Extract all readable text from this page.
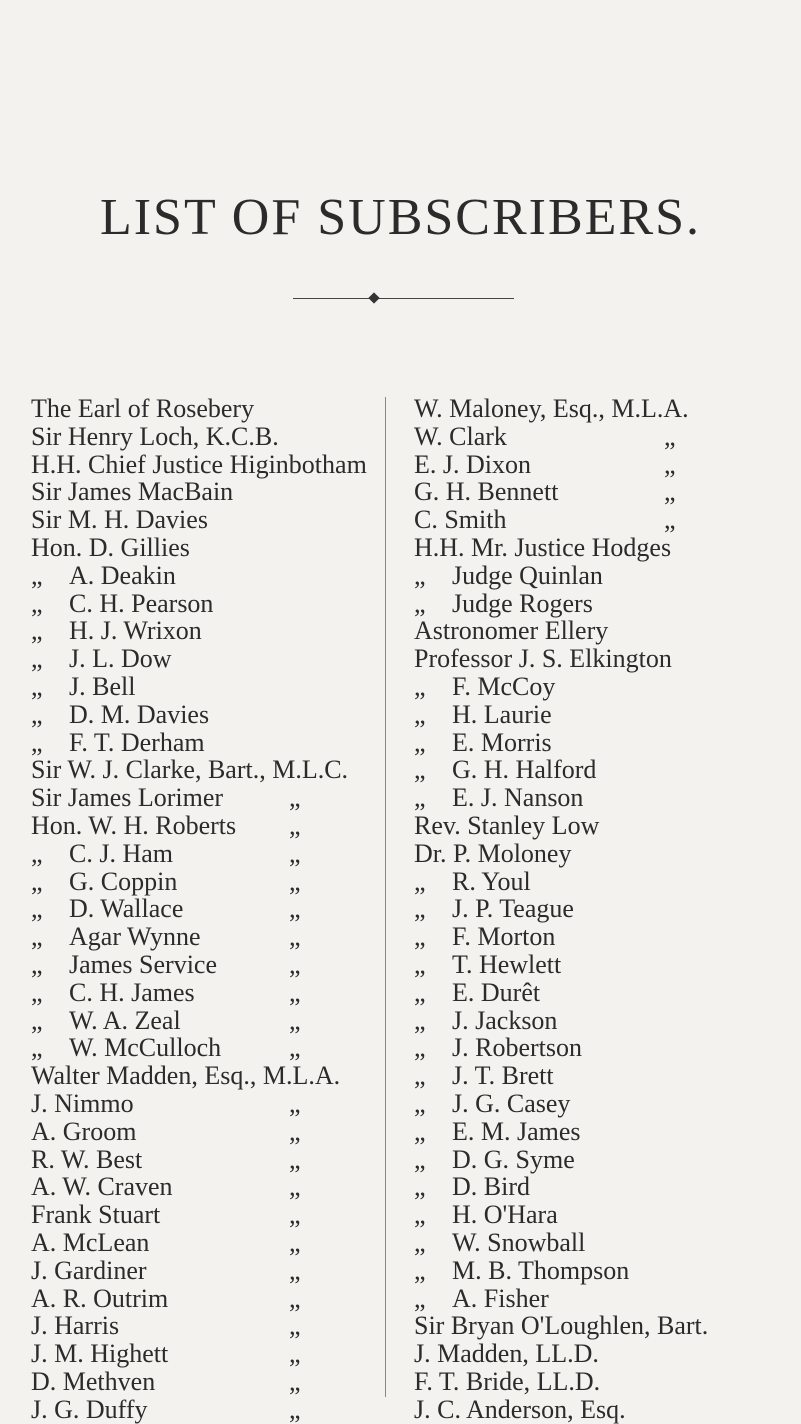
LIST OF SUBSCRIBERS.
The Earl of Rosebery
Sir Henry Loch, K.C.B.
H.H. Chief Justice Higinbotham
Sir James MacBain
Sir M. H. Davies
Hon. D. Gillies
„ A. Deakin
„ C. H. Pearson
„ H. J. Wrixon
„ J. L. Dow
„ J. Bell
„ D. M. Davies
„ F. T. Derham
Sir W. J. Clarke, Bart., M.L.C.
Sir James Lorimer	„
Hon. W. H. Roberts „
„ C. J. Ham	„
„ G. Coppin	„
„ D. Wallace	„
„ Agar Wynne	„
„ James Service	„
„ C. H. James	„
„ W. A. Zeal	„
„ W. McCulloch	„
Walter Madden, Esq., M.L.A.
J. Nimmo	„
A. Groom	„
R. W. Best	„
A. W. Craven	„
Frank Stuart	„
A. McLean	„
J. Gardiner	„
A. R. Outrim	„
J. Harris	„
J. M. Highett	„
D. Methven	„
J. G. Duffy	„
W. Maloney, Esq., M.L.A.
W. Clark	„
E. J. Dixon	„
G. H. Bennett	„
C. Smith	„
H.H. Mr. Justice Hodges
„ Judge Quinlan
„ Judge Rogers
Astronomer Ellery
Professor J. S. Elkington
„ F. McCoy
„ H. Laurie
„ E. Morris
„ G. H. Halford
„ E. J. Nanson
Rev. Stanley Low
Dr. P. Moloney
„ R. Youl
„ J. P. Teague
„ F. Morton
„ T. Hewlett
„ E. Durêt
„ J. Jackson
„ J. Robertson
„ J. T. Brett
„ J. G. Casey
„ E. M. James
„ D. G. Syme
„ D. Bird
„ H. O'Hara
„ W. Snowball
„ M. B. Thompson
„ A. Fisher
Sir Bryan O'Loughlen, Bart.
J. Madden, LL.D.
F. T. Bride, LL.D.
J. C. Anderson, Esq.
